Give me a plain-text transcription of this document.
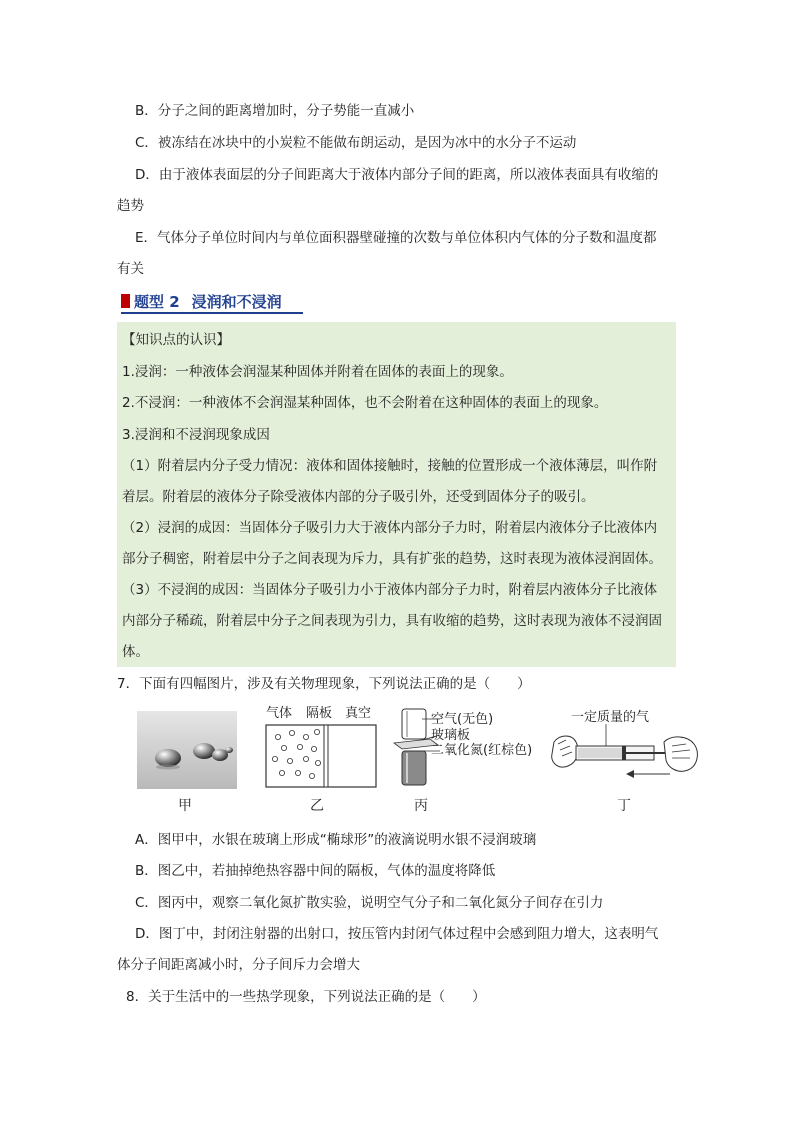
B．分子之间的距离增加时，分子势能一直减小
C．被冻结在冰块中的小炭粒不能做布朗运动，是因为冰中的水分子不运动
D．由于液体表面层的分子间距离大于液体内部分子间的距离，所以液体表面具有收缩的
趋势
E．气体分子单位时间内与单位面积器壁碰撞的次数与单位体积内气体的分子数和温度都
有关
题型 2 浸润和不浸润
【知识点的认识】
1.浸润：一种液体会润湿某种固体并附着在固体的表面上的现象。
2.不浸润：一种液体不会润湿某种固体，也不会附着在这种固体的表面上的现象。
3.浸润和不浸润现象成因
（1）附着层内分子受力情况：液体和固体接触时，接触的位置形成一个液体薄层，叫作附
着层。附着层的液体分子除受液体内部的分子吸引外，还受到固体分子的吸引。
（2）浸润的成因：当固体分子吸引力大于液体内部分子力时，附着层内液体分子比液体内
部分子稠密，附着层中分子之间表现为斥力，具有扩张的趋势，这时表现为液体浸润固体。
（3）不浸润的成因：当固体分子吸引力小于液体内部分子力时，附着层内液体分子比液体
内部分子稀疏，附着层中分子之间表现为引力，具有收缩的趋势，这时表现为液体不浸润固
体。
7．下面有四幅图片，涉及有关物理现象，下列说法正确的是（　　）
甲
气体 隔板 真空
乙
空气(无色)
玻璃板
二氧化氮(红棕色)
丙
一定质量的气
丁
A．图甲中，水银在玻璃上形成“椭球形”的液滴说明水银不浸润玻璃
B．图乙中，若抽掉绝热容器中间的隔板，气体的温度将降低
C．图丙中，观察二氧化氮扩散实验，说明空气分子和二氧化氮分子间存在引力
D．图丁中，封闭注射器的出射口，按压管内封闭气体过程中会感到阻力增大，这表明气
体分子间距离减小时，分子间斥力会增大
8．关于生活中的一些热学现象，下列说法正确的是（　　）
